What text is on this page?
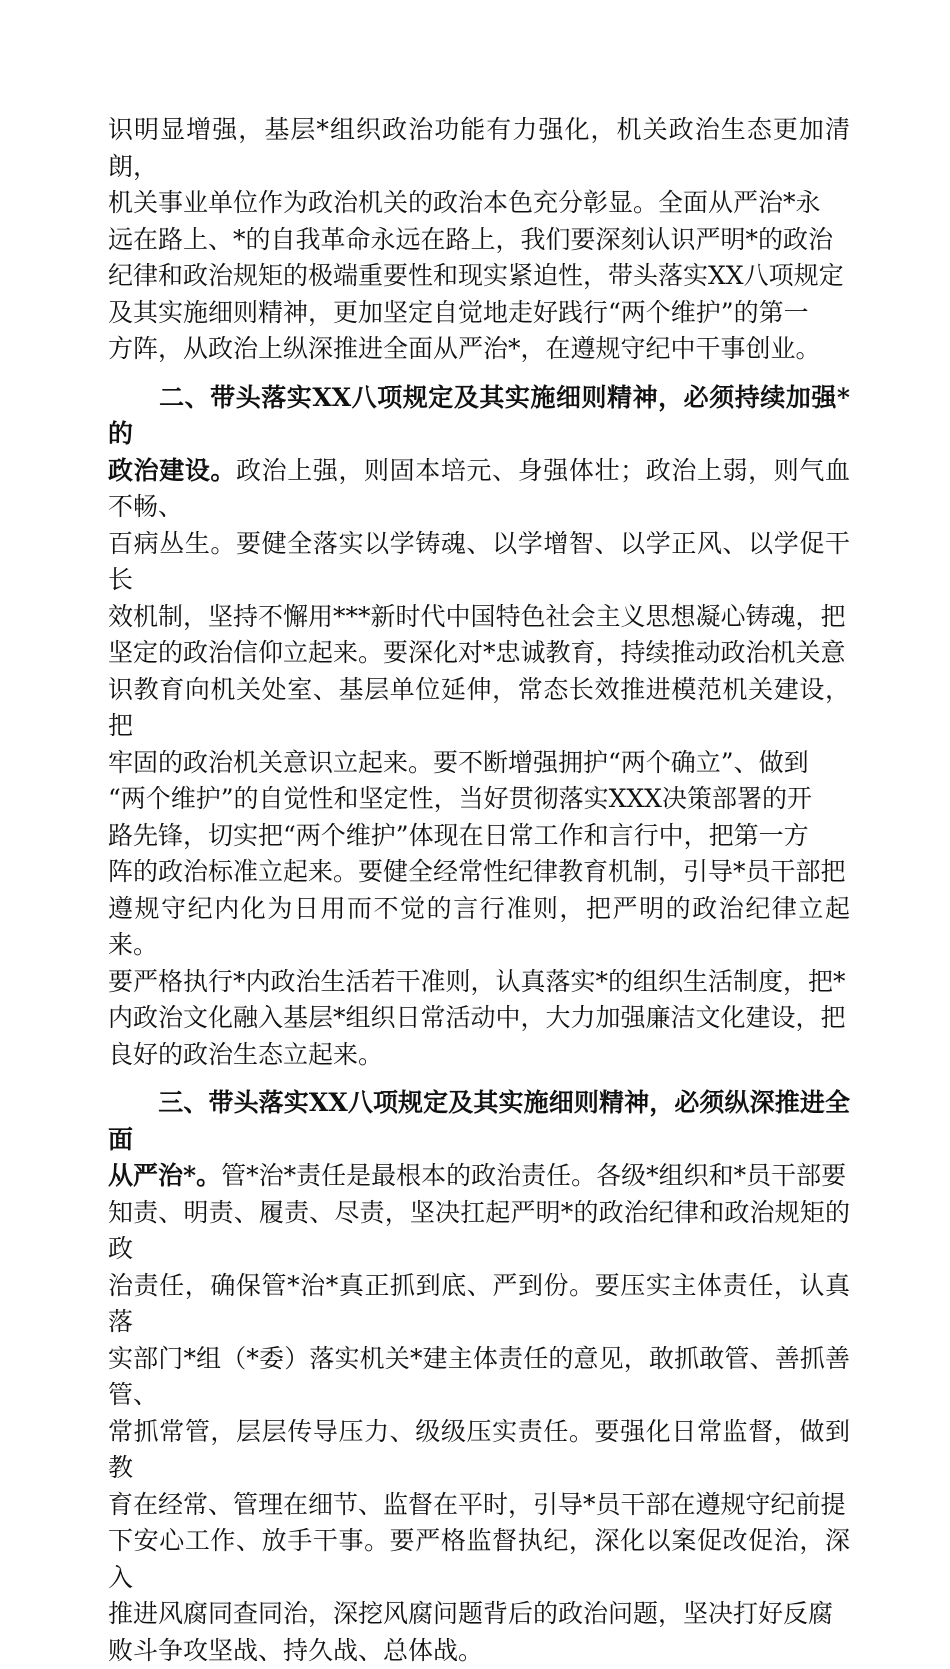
识明显增强，基层*组织政治功能有力强化，机关政治生态更加清朗，
机关事业单位作为政治机关的政治本色充分彰显。全面从严治*永
远在路上、*的自我革命永远在路上，我们要深刻认识严明*的政治
纪律和政治规矩的极端重要性和现实紧迫性，带头落实XX八项规定
及其实施细则精神，更加坚定自觉地走好践行“两个维护”的第一
方阵，从政治上纵深推进全面从严治*，在遵规守纪中干事创业。

　　二、带头落实XX八项规定及其实施细则精神，必须持续加强*的
政治建设。政治上强，则固本培元、身强体壮；政治上弱，则气血不畅、
百病丛生。要健全落实以学铸魂、以学增智、以学正风、以学促干长
效机制，坚持不懈用***新时代中国特色社会主义思想凝心铸魂，把
坚定的政治信仰立起来。要深化对*忠诚教育，持续推动政治机关意
识教育向机关处室、基层单位延伸，常态长效推进模范机关建设，把
牢固的政治机关意识立起来。要不断增强拥护“两个确立”、做到
“两个维护”的自觉性和坚定性，当好贯彻落实XXX决策部署的开
路先锋，切实把“两个维护”体现在日常工作和言行中，把第一方
阵的政治标准立起来。要健全经常性纪律教育机制，引导*员干部把
遵规守纪内化为日用而不觉的言行准则，把严明的政治纪律立起来。
要严格执行*内政治生活若干准则，认真落实*的组织生活制度，把*
内政治文化融入基层*组织日常活动中，大力加强廉洁文化建设，把
良好的政治生态立起来。

　　三、带头落实XX八项规定及其实施细则精神，必须纵深推进全面
从严治*。管*治*责任是最根本的政治责任。各级*组织和*员干部要
知责、明责、履责、尽责，坚决扛起严明*的政治纪律和政治规矩的政
治责任，确保管*治*真正抓到底、严到份。要压实主体责任，认真落
实部门*组（*委）落实机关*建主体责任的意见，敢抓敢管、善抓善管、
常抓常管，层层传导压力、级级压实责任。要强化日常监督，做到教
育在经常、管理在细节、监督在平时，引导*员干部在遵规守纪前提
下安心工作、放手干事。要严格监督执纪，深化以案促改促治，深入
推进风腐同查同治，深挖风腐问题背后的政治问题，坚决打好反腐
败斗争攻坚战、持久战、总体战。
